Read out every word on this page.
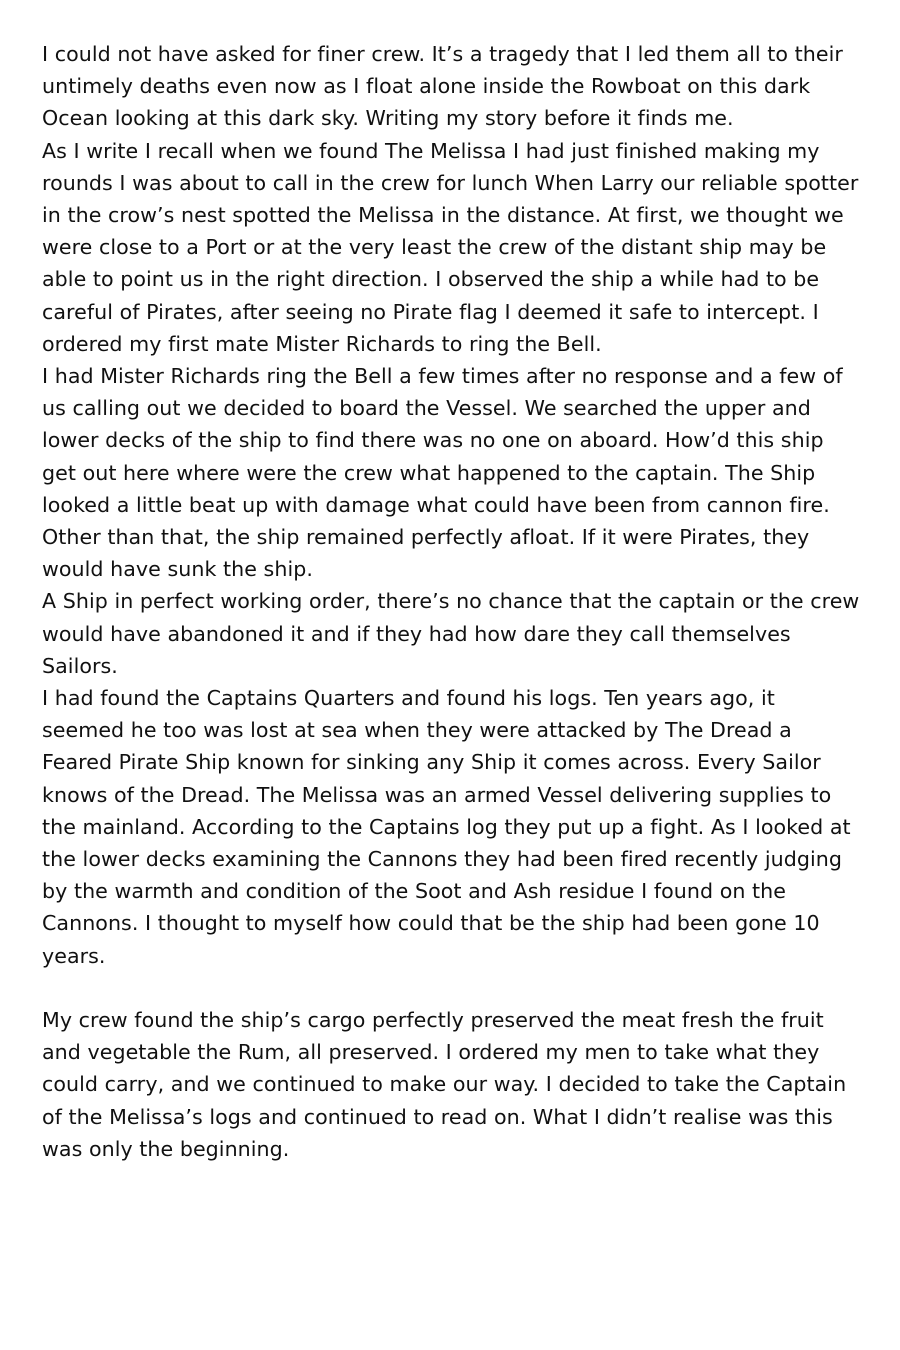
I could not have asked for finer crew. It’s a tragedy that I led them all to their untimely deaths even now as I float alone inside the Rowboat on this dark Ocean looking at this dark sky. Writing my story before it finds me.

As I write I recall when we found The Melissa I had just finished making my rounds I was about to call in the crew for lunch When Larry our reliable spotter in the crow’s nest spotted the Melissa in the distance. At first, we thought we were close to a Port or at the very least the crew of the distant ship may be able to point us in the right direction. I observed the ship a while had to be careful of Pirates, after seeing no Pirate flag I deemed it safe to intercept. I ordered my first mate Mister Richards to ring the Bell.

I had Mister Richards ring the Bell a few times after no response and a few of us calling out we decided to board the Vessel. We searched the upper and lower decks of the ship to find there was no one on aboard. How’d this ship get out here where were the crew what happened to the captain. The Ship looked a little beat up with damage what could have been from cannon fire. Other than that, the ship remained perfectly afloat. If it were Pirates, they would have sunk the ship.

A Ship in perfect working order, there’s no chance that the captain or the crew would have abandoned it and if they had how dare they call themselves Sailors.

I had found the Captains Quarters and found his logs. Ten years ago, it seemed he too was lost at sea when they were attacked by The Dread a Feared Pirate Ship known for sinking any Ship it comes across. Every Sailor knows of the Dread. The Melissa was an armed Vessel delivering supplies to the mainland. According to the Captains log they put up a fight. As I looked at the lower decks examining the Cannons they had been fired recently judging by the warmth and condition of the Soot and Ash residue I found on the Cannons. I thought to myself how could that be the ship had been gone 10 years.

My crew found the ship’s cargo perfectly preserved the meat fresh the fruit and vegetable the Rum, all preserved. I ordered my men to take what they could carry, and we continued to make our way. I decided to take the Captain of the Melissa’s logs and continued to read on. What I didn’t realise was this was only the beginning.
